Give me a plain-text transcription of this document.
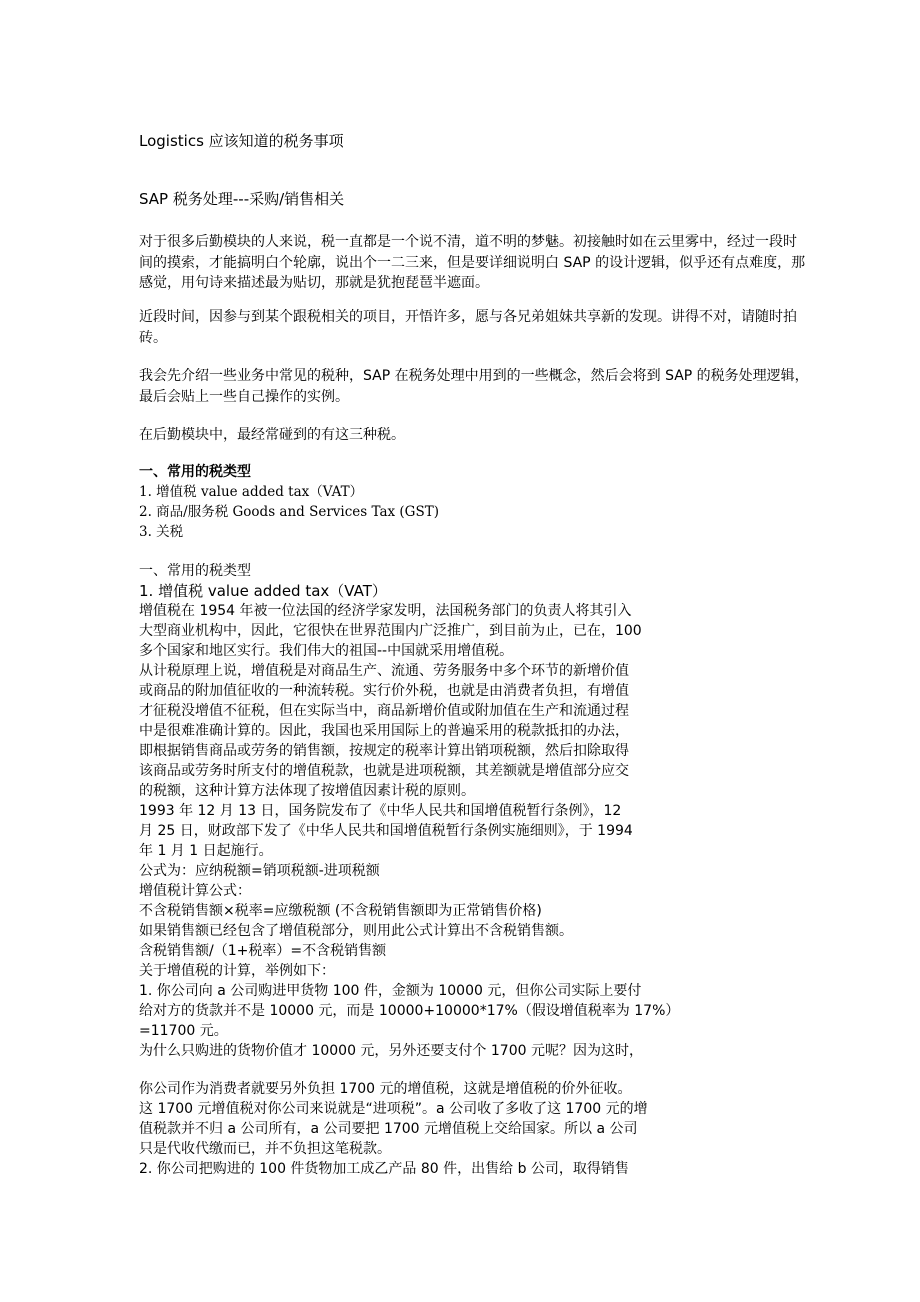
Logistics 应该知道的税务事项
SAP 税务处理---采购/销售相关

对于很多后勤模块的人来说，税一直都是一个说不清，道不明的梦魅。初接触时如在云里雾中，经过一段时间的摸索，才能搞明白个轮廓，说出个一二三来，但是要详细说明白 SAP 的设计逻辑，似乎还有点难度，那感觉，用句诗来描述最为贴切，那就是犹抱琵琶半遮面。

近段时间，因参与到某个跟税相关的项目，开悟许多，愿与各兄弟姐妹共享新的发现。讲得不对，请随时拍砖。

我会先介绍一些业务中常见的税种，SAP 在税务处理中用到的一些概念，然后会将到 SAP 的税务处理逻辑，最后会贴上一些自己操作的实例。

在后勤模块中，最经常碰到的有这三种税。

一、常用的税类型
1. 增值税 value added tax（VAT）
2. 商品/服务税 Goods and Services Tax (GST)
3. 关税
一、常用的税类型
1. 增值税 value added tax（VAT）
增值税在 1954 年被一位法国的经济学家发明，法国税务部门的负责人将其引入
大型商业机构中，因此，它很快在世界范围内广泛推广，到目前为止，已在，100
多个国家和地区实行。我们伟大的祖国--中国就采用增值税。
从计税原理上说，增值税是对商品生产、流通、劳务服务中多个环节的新增价值
或商品的附加值征收的一种流转税。实行价外税，也就是由消费者负担，有增值
才征税没增值不征税，但在实际当中，商品新增价值或附加值在生产和流通过程
中是很难准确计算的。因此，我国也采用国际上的普遍采用的税款抵扣的办法，
即根据销售商品或劳务的销售额，按规定的税率计算出销项税额，然后扣除取得
该商品或劳务时所支付的增值税款，也就是进项税额，其差额就是增值部分应交
的税额，这种计算方法体现了按增值因素计税的原则。
1993 年 12 月 13 日，国务院发布了《中华人民共和国增值税暂行条例》，12
月 25 日，财政部下发了《中华人民共和国增值税暂行条例实施细则》，于 1994
年 1 月 1 日起施行。
公式为：应纳税额=销项税额-进项税额
增值税计算公式：
不含税销售额×税率=应缴税额 (不含税销售额即为正常销售价格)
如果销售额已经包含了增值税部分，则用此公式计算出不含税销售额。
含税销售额/（1+税率）=不含税销售额
关于增值税的计算，举例如下：
1. 你公司向 a 公司购进甲货物 100 件，金额为 10000 元，但你公司实际上要付
给对方的货款并不是 10000 元，而是 10000+10000*17%（假设增值税率为 17%）
=11700 元。
为什么只购进的货物价值才 10000 元，另外还要支付个 1700 元呢？因为这时，
你公司作为消费者就要另外负担 1700 元的增值税，这就是增值税的价外征收。
这 1700 元增值税对你公司来说就是“进项税”。a 公司收了多收了这 1700 元的增
值税款并不归 a 公司所有，a 公司要把 1700 元增值税上交给国家。所以 a 公司
只是代收代缴而已，并不负担这笔税款。
2. 你公司把购进的 100 件货物加工成乙产品 80 件，出售给 b 公司，取得销售
